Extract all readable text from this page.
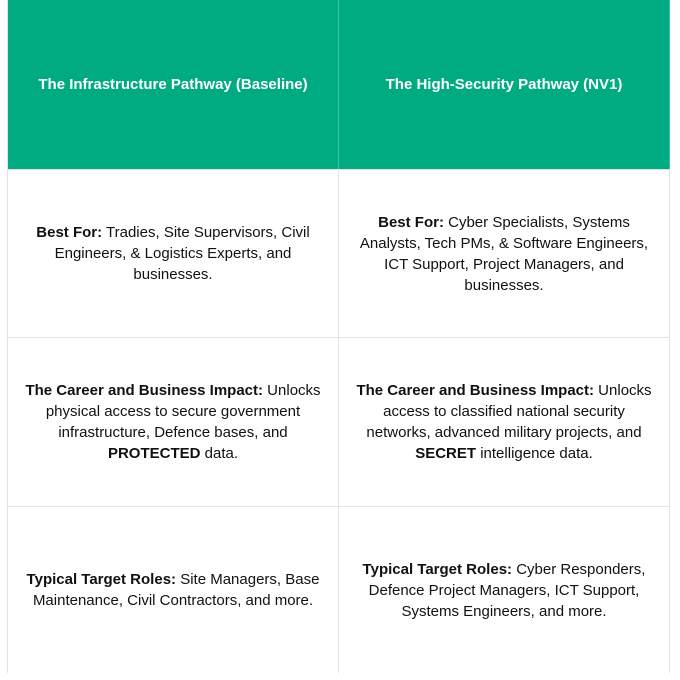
The Infrastructure Pathway (Baseline)	The High-Security Pathway (NV1)

Best For: Tradies, Site Supervisors, Civil Engineers, & Logistics Experts, and businesses.

Best For: Cyber Specialists, Systems Analysts, Tech PMs, & Software Engineers, ICT Support, Project Managers, and businesses.

The Career and Business Impact: Unlocks physical access to secure government infrastructure, Defence bases, and PROTECTED data.

The Career and Business Impact: Unlocks access to classified national security networks, advanced military projects, and SECRET intelligence data.

Typical Target Roles: Site Managers, Base Maintenance, Civil Contractors, and more.

Typical Target Roles: Cyber Responders, Defence Project Managers, ICT Support, Systems Engineers, and more.
